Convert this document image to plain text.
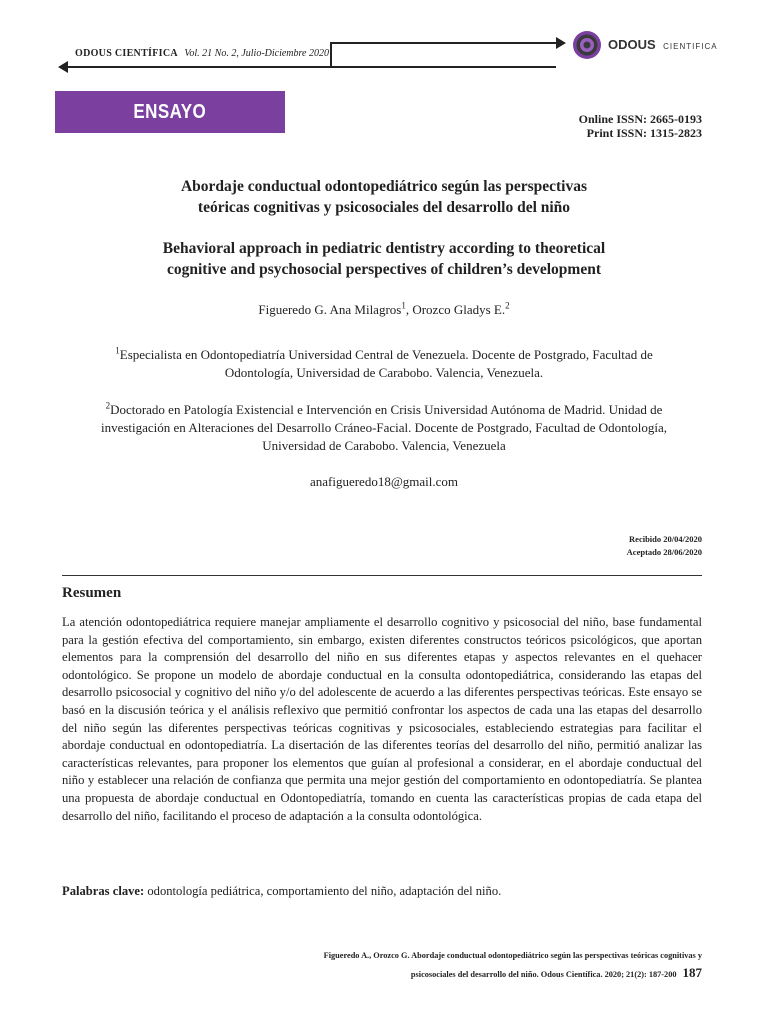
ODOUS CIENTÍFICA Vol. 21 No. 2, Julio-Diciembre 2020
ODOUS CIENTIFICA
ENSAYO	Online ISSN: 2665-0193
Print ISSN: 1315-2823
Abordaje conductual odontopediátrico según las perspectivas
teóricas cognitivas y psicosociales del desarrollo del niño
Behavioral approach in pediatric dentistry according to theoretical
cognitive and psychosocial perspectives of children’s development
Figueredo G. Ana Milagros$^1$, Orozco Gladys E.$^2$
$^1$Especialista en Odontopediatría Universidad Central de Venezuela. Docente de Postgrado, Facultad de Odontología, Universidad de Carabobo. Valencia, Venezuela.
$^2$Doctorado en Patología Existencial e Intervención en Crisis Universidad Autónoma de Madrid. Unidad de investigación en Alteraciones del Desarrollo Cráneo-Facial. Docente de Postgrado, Facultad de Odontología, Universidad de Carabobo. Valencia, Venezuela
anafigueredo18@gmail.com
Recibido 20/04/2020
Aceptado 28/06/2020
Resumen
La atención odontopediátrica requiere manejar ampliamente el desarrollo cognitivo y psicosocial del niño, base fundamental para la gestión efectiva del comportamiento, sin embargo, existen diferentes constructos teóricos psicológicos, que aportan elementos para la comprensión del desarrollo del niño en sus diferentes etapas y aspectos relevantes en el quehacer odontológico. Se propone un modelo de abordaje conductual en la consulta odontopediátrica, considerando las etapas del desarrollo psicosocial y cognitivo del niño y/o del adolescente de acuerdo a las diferentes perspectivas teóricas. Este ensayo se basó en la discusión teórica y el análisis reflexivo que permitió confrontar los aspectos de cada una las etapas del desarrollo del niño según las diferentes perspectivas teóricas cognitivas y psicosociales, estableciendo estrategias para facilitar el abordaje conductual en odontopediatría. La disertación de las diferentes teorías del desarrollo del niño, permitió analizar las características relevantes, para proponer los elementos que guían al profesional a considerar, en el abordaje conductual del niño y establecer una relación de confianza que permita una mejor gestión del comportamiento en odontopediatría. Se plantea una propuesta de abordaje conductual en Odontopediatría, tomando en cuenta las características propias de cada etapa del desarrollo del niño, facilitando el proceso de adaptación a la consulta odontológica.
Palabras clave: odontología pediátrica, comportamiento del niño, adaptación del niño.
Figueredo A., Orozco G. Abordaje conductual odontopediátrico según las perspectivas teóricas cognitivas y
psicosociales del desarrollo del niño. Odous Científica. 2020; 21(2): 187-200 187
